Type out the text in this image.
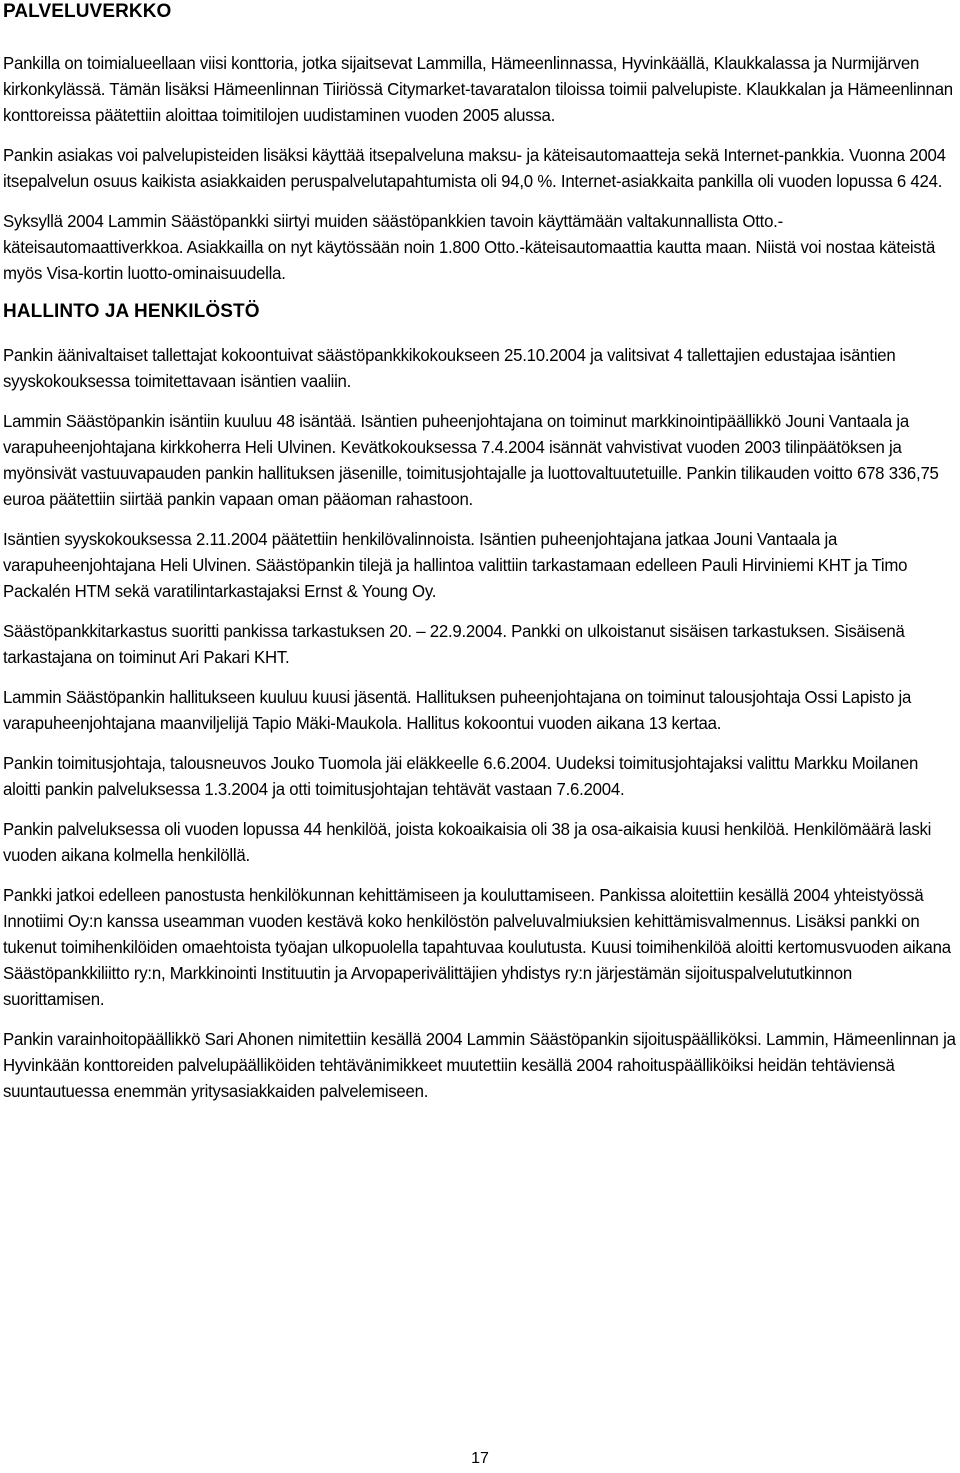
PALVELUVERKKO

Pankilla on toimialueellaan viisi konttoria, jotka sijaitsevat Lammilla, Hämeenlinnassa, Hyvinkäällä, Klaukkalassa ja Nurmijärven kirkonkylässä. Tämän lisäksi Hämeenlinnan Tiiriössä Citymarket-tavaratalon tiloissa toimii palvelupiste. Klaukkalan ja Hämeenlinnan konttoreissa päätettiin aloittaa toimitilojen uudistaminen vuoden 2005 alussa.

Pankin asiakas voi palvelupisteiden lisäksi käyttää itsepalveluna maksu- ja käteisautomaatteja sekä Internet-pankkia. Vuonna 2004 itsepalvelun osuus kaikista asiakkaiden peruspalvelutapahtumista oli 94,0 %. Internet-asiakkaita pankilla oli vuoden lopussa 6 424.

Syksyllä 2004 Lammin Säästöpankki siirtyi muiden säästöpankkien tavoin käyttämään valtakunnallista Otto.-käteisautomaattiverkkoa. Asiakkailla on nyt käytössään noin 1.800 Otto.-käteisautomaattia kautta maan. Niistä voi nostaa käteistä myös Visa-kortin luotto-ominaisuudella.

HALLINTO JA HENKILÖSTÖ

Pankin äänivaltaiset tallettajat kokoontuivat säästöpankkikokoukseen 25.10.2004 ja valitsivat 4 tallettajien edustajaa isäntien syyskokouksessa toimitettavaan isäntien vaaliin.

Lammin Säästöpankin isäntiin kuuluu 48 isäntää. Isäntien puheenjohtajana on toiminut markkinointipäällikkö Jouni Vantaala ja varapuheenjohtajana kirkkoherra Heli Ulvinen. Kevätkokouksessa 7.4.2004 isännät vahvistivat vuoden 2003 tilinpäätöksen ja myönsivät vastuuvapauden pankin hallituksen jäsenille, toimitusjohtajalle ja luottovaltuutetuille. Pankin tilikauden voitto 678 336,75 euroa päätettiin siirtää pankin vapaan oman pääoman rahastoon.

Isäntien syyskokouksessa 2.11.2004 päätettiin henkilövalinnoista. Isäntien puheenjohtajana jatkaa Jouni Vantaala ja varapuheenjohtajana Heli Ulvinen. Säästöpankin tilejä ja hallintoa valittiin tarkastamaan edelleen Pauli Hirviniemi KHT ja Timo Packalén HTM sekä varatilintarkastajaksi Ernst & Young Oy.

Säästöpankkitarkastus suoritti pankissa tarkastuksen 20. – 22.9.2004. Pankki on ulkoistanut sisäisen tarkastuksen. Sisäisenä tarkastajana on toiminut Ari Pakari KHT.

Lammin Säästöpankin hallitukseen kuuluu kuusi jäsentä. Hallituksen puheenjohtajana on toiminut talousjohtaja Ossi Lapisto ja varapuheenjohtajana maanviljelijä Tapio Mäki-Maukola. Hallitus kokoontui vuoden aikana 13 kertaa.

Pankin toimitusjohtaja, talousneuvos Jouko Tuomola jäi eläkkeelle 6.6.2004. Uudeksi toimitusjohtajaksi valittu Markku Moilanen aloitti pankin palveluksessa 1.3.2004 ja otti toimitusjohtajan tehtävät vastaan 7.6.2004.

Pankin palveluksessa oli vuoden lopussa 44 henkilöä, joista kokoaikaisia oli 38 ja osa-aikaisia kuusi henkilöä. Henkilömäärä laski vuoden aikana kolmella henkilöllä.

Pankki jatkoi edelleen panostusta henkilökunnan kehittämiseen ja kouluttamiseen. Pankissa aloitettiin kesällä 2004 yhteistyössä Innotiimi Oy:n kanssa useamman vuoden kestävä koko henkilöstön palveluvalmiuksien kehittämisvalmennus. Lisäksi pankki on tukenut toimihenkilöiden omaehtoista työajan ulkopuolella tapahtuvaa koulutusta. Kuusi toimihenkilöä aloitti kertomusvuoden aikana Säästöpankkiliitto ry:n, Markkinointi Instituutin ja Arvopaperivälittäjien yhdistys ry:n järjestämän sijoituspalvelututkinnon suorittamisen.

Pankin varainhoitopäällikkö Sari Ahonen nimitettiin kesällä 2004 Lammin Säästöpankin sijoituspäälliköksi. Lammin, Hämeenlinnan ja Hyvinkään konttoreiden palvelupäälliköiden tehtävänimikkeet muutettiin kesällä 2004 rahoituspäälliköiksi heidän tehtäviensä suuntautuessa enemmän yritysasiakkaiden palvelemiseen.

17
